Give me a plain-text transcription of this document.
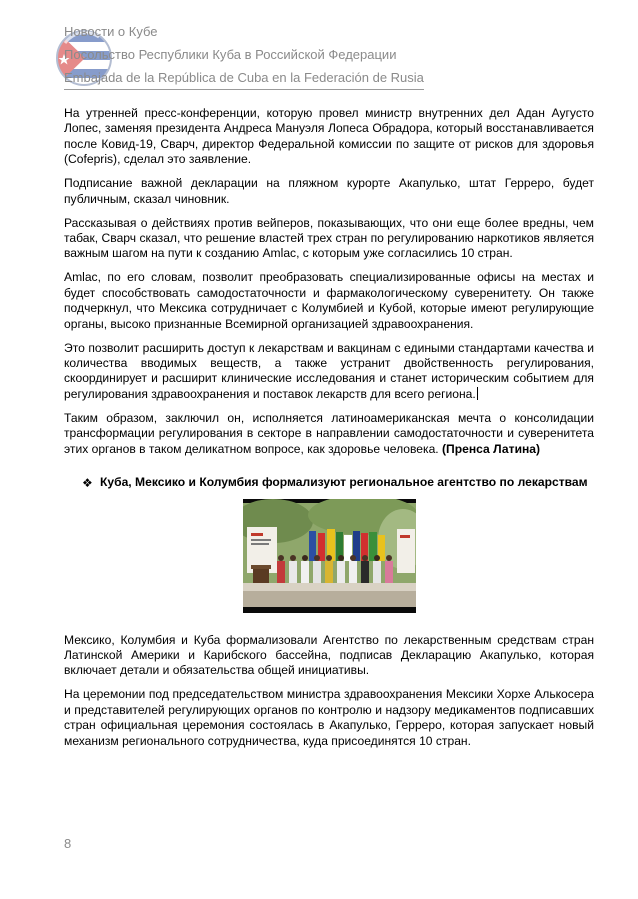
Новости о Кубе
Посольство Республики Куба в Российской Федерации
Embajada de la República de Cuba en la Federación de Rusia

На утренней пресс-конференции, которую провел министр внутренних дел Адан Аугусто Лопес, заменяя президента Андреса Мануэля Лопеса Обрадора, который восстанавливается после Ковид-19, Сварч, директор Федеральной комиссии по защите от рисков для здоровья (Cofepris), сделал это заявление.

Подписание важной декларации на пляжном курорте Акапулько, штат Герреро, будет публичным, сказал чиновник.

Рассказывая о действиях против вейперов, показывающих, что они еще более вредны, чем табак, Сварч сказал, что решение властей трех стран по регулированию наркотиков является важным шагом на пути к созданию Amlac, с которым уже согласились 10 стран.

Amlac, по его словам, позволит преобразовать специализированные офисы на местах и будет способствовать самодостаточности и фармакологическому суверенитету. Он также подчеркнул, что Мексика сотрудничает с Колумбией и Кубой, которые имеют регулирующие органы, высоко признанные Всемирной организацией здравоохранения.

Это позволит расширить доступ к лекарствам и вакцинам с едиными стандартами качества и количества вводимых веществ, а также устранит двойственность регулирования, скоординирует и расширит клинические исследования и станет историческим событием для регулирования здравоохранения и поставок лекарств для всего региона.

Таким образом, заключил он, исполняется латиноамериканская мечта о консолидации трансформации регулирования в секторе в направлении самодостаточности и суверенитета этих органов в таком деликатном вопросе, как здоровье человека. (Пренса Латина)

❖ Куба, Мексико и Колумбия формализуют региональное агентство по лекарствам

Мексико, Колумбия и Куба формализовали Агентство по лекарственным средствам стран Латинской Америки и Карибского бассейна, подписав Декларацию Акапулько, которая включает детали и обязательства общей инициативы.

На церемонии под председательством министра здравоохранения Мексики Хорхе Алькосера и представителей регулирующих органов по контролю и надзору медикаментов подписавших стран официальная церемония состоялась в Акапулько, Герреро, которая запускает новый механизм регионального сотрудничества, куда присоединятся 10 стран.

8
